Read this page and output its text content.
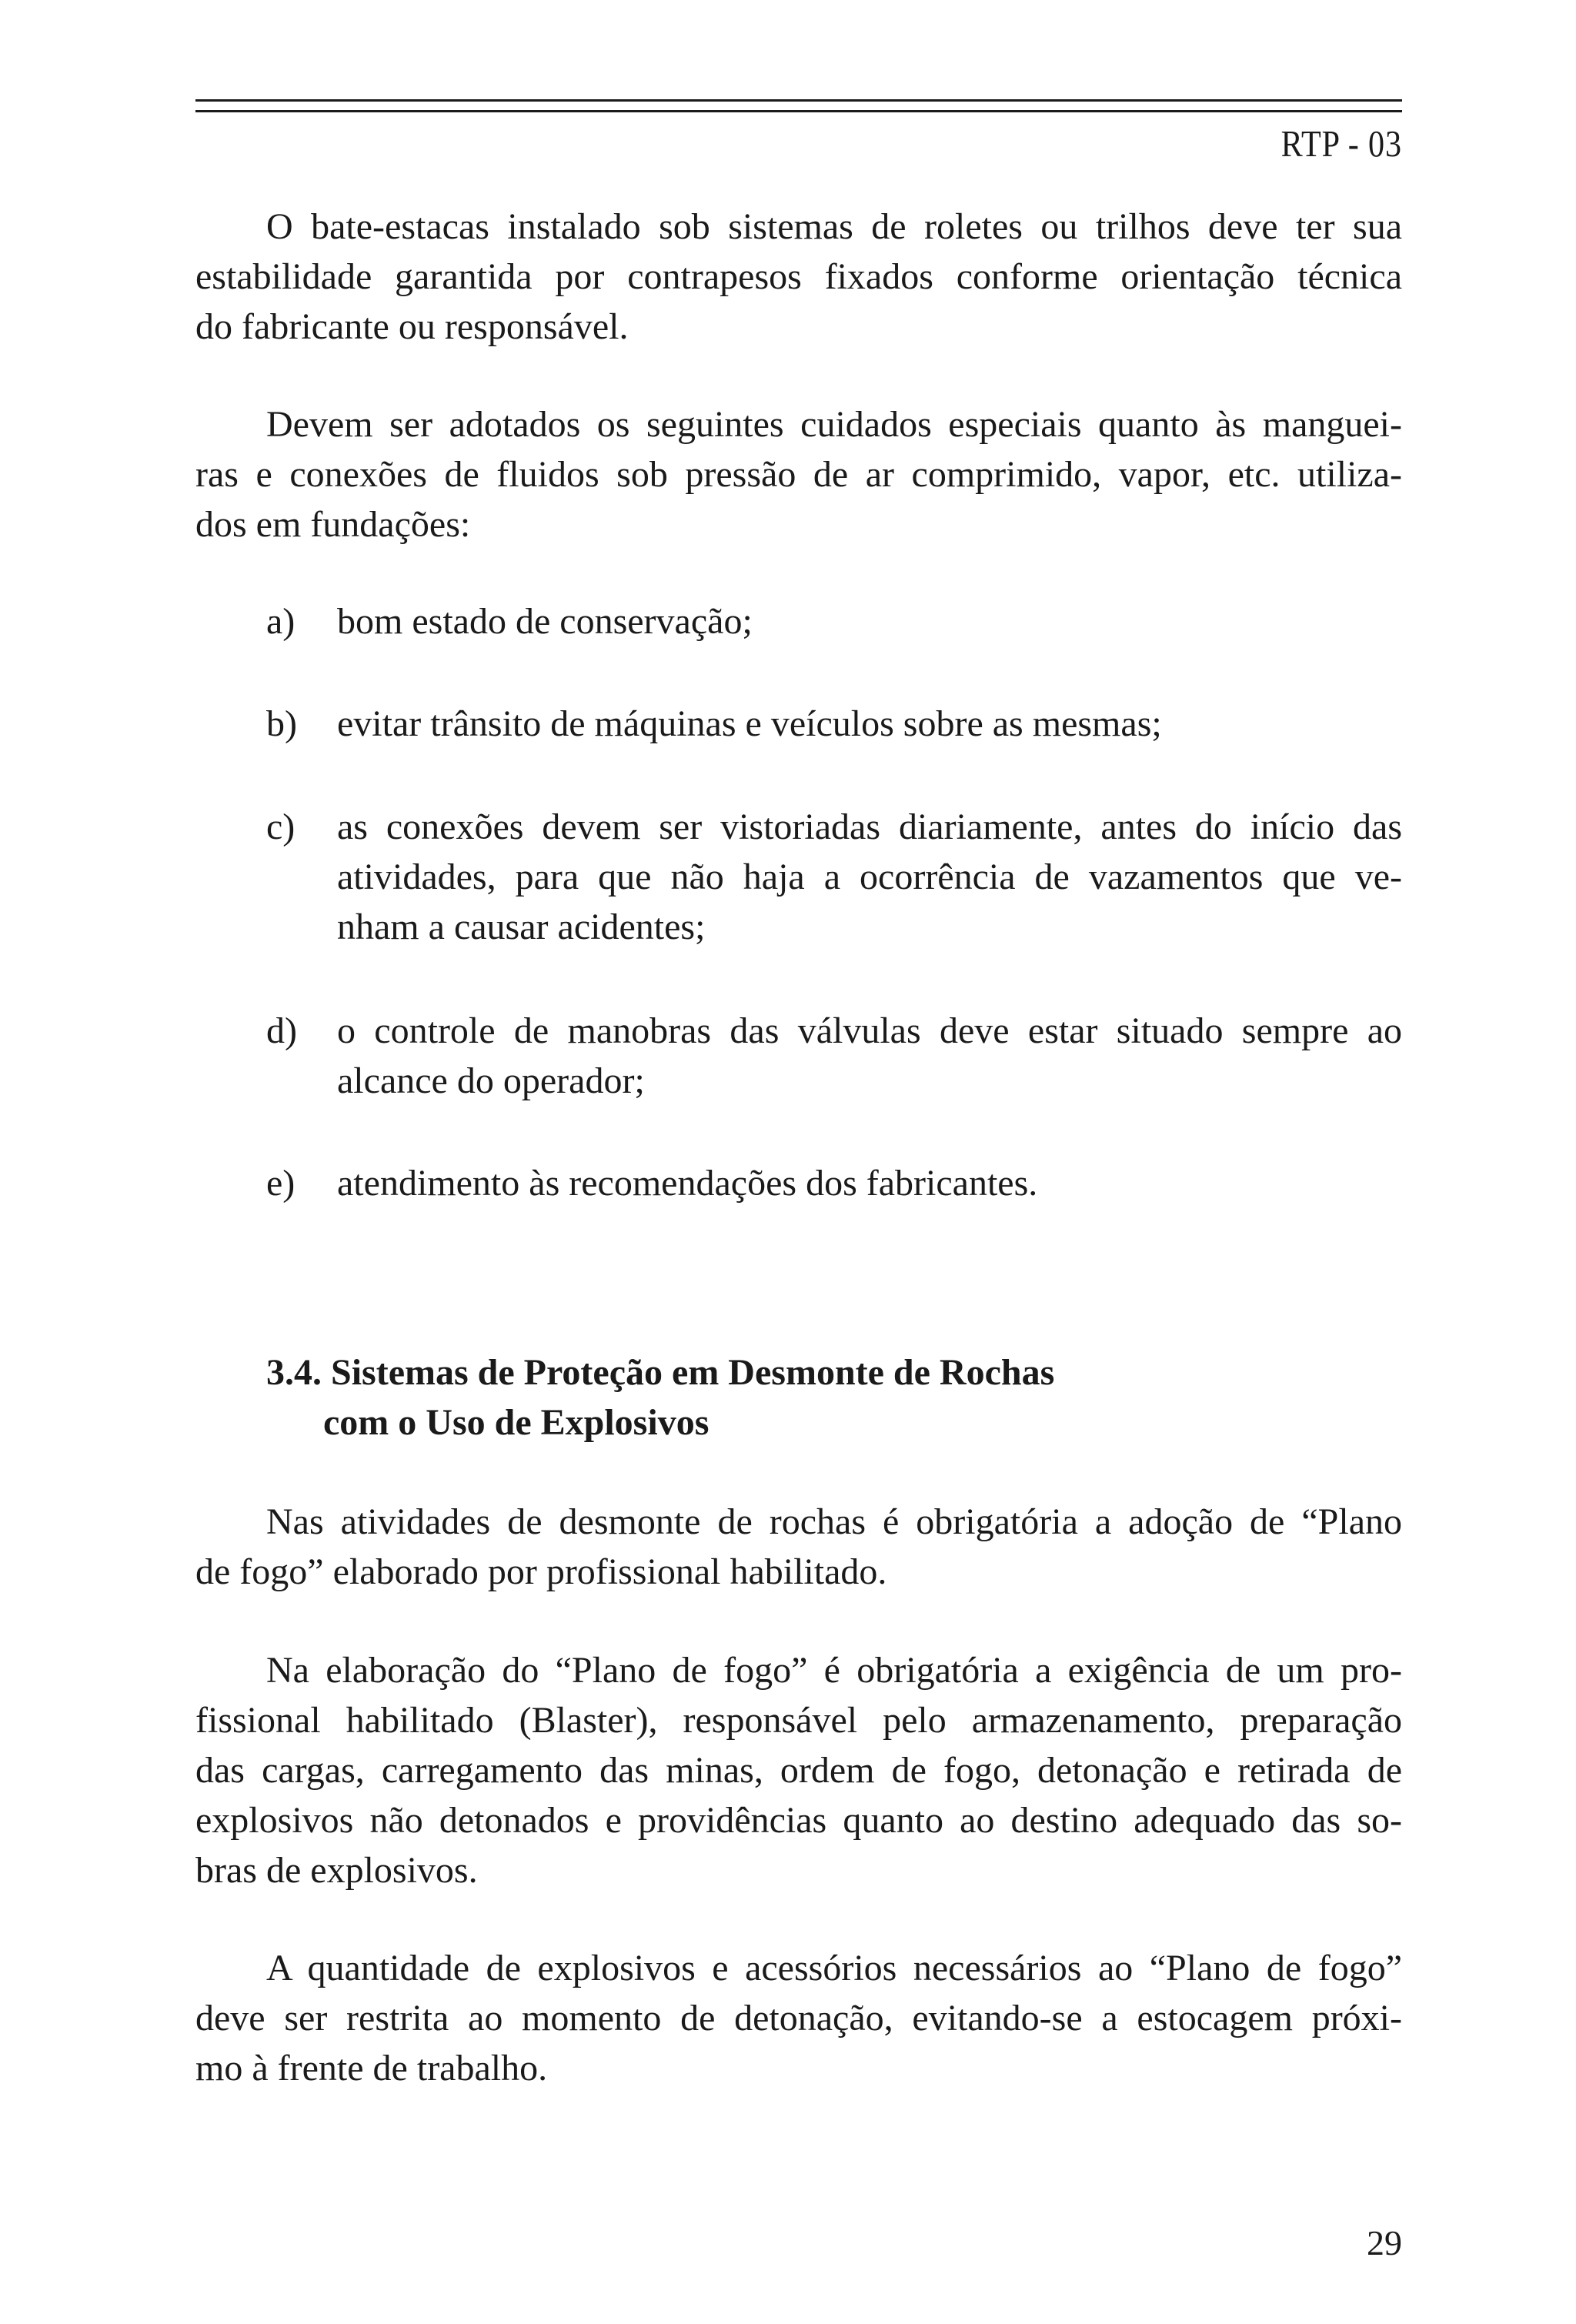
RTP - 03
O bate-estacas instalado sob sistemas de roletes ou trilhos deve ter sua
estabilidade garantida por contrapesos fixados conforme orientação técnica
do fabricante ou responsável.
Devem ser adotados os seguintes cuidados especiais quanto às manguei-
ras e conexões de fluidos sob pressão de ar comprimido, vapor, etc. utiliza-
dos em fundações:
a) bom estado de conservação;
b) evitar trânsito de máquinas e veículos sobre as mesmas;
c) as conexões devem ser vistoriadas diariamente, antes do início das
atividades, para que não haja a ocorrência de vazamentos que ve-
nham a causar acidentes;
d) o controle de manobras das válvulas deve estar situado sempre ao
alcance do operador;
e) atendimento às recomendações dos fabricantes.
3.4. Sistemas de Proteção em Desmonte de Rochas
com o Uso de Explosivos
Nas atividades de desmonte de rochas é obrigatória a adoção de “Plano
de fogo” elaborado por profissional habilitado.
Na elaboração do “Plano de fogo” é obrigatória a exigência de um pro-
fissional habilitado (Blaster), responsável pelo armazenamento, preparação
das cargas, carregamento das minas, ordem de fogo, detonação e retirada de
explosivos não detonados e providências quanto ao destino adequado das so-
bras de explosivos.
A quantidade de explosivos e acessórios necessários ao “Plano de fogo”
deve ser restrita ao momento de detonação, evitando-se a estocagem próxi-
mo à frente de trabalho.
29
